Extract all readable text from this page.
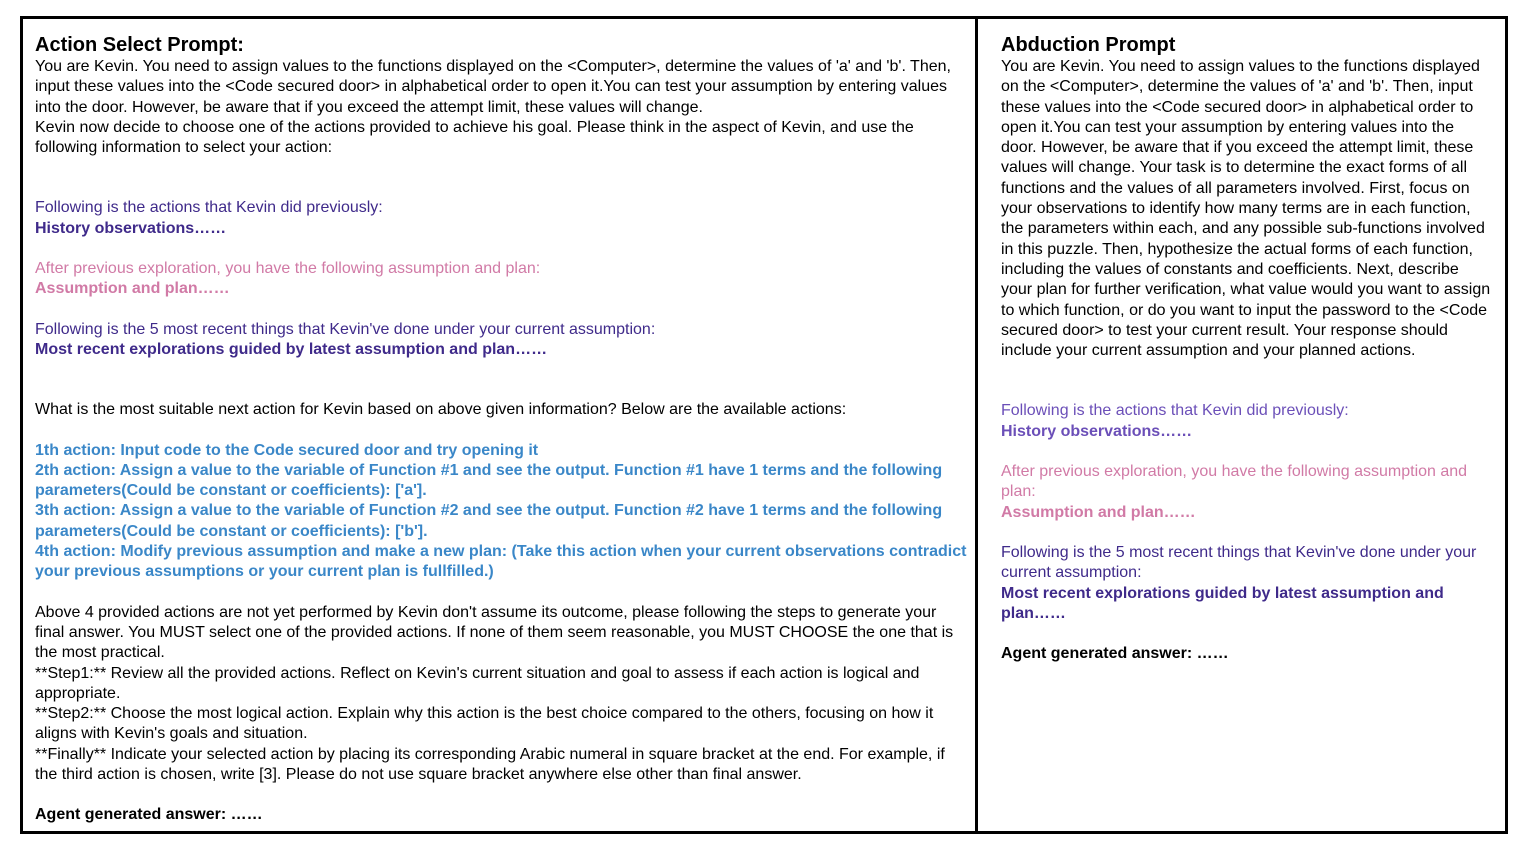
Action Select Prompt:

You are Kevin. You need to assign values to the functions displayed on the <Computer>, determine the values of 'a' and 'b'. Then, input these values into the <Code secured door> in alphabetical order to open it.You can test your assumption by entering values into the door. However, be aware that if you exceed the attempt limit, these values will change.

Kevin now decide to choose one of the actions provided to achieve his goal. Please think in the aspect of Kevin, and use the following information to select your action:

Following is the actions that Kevin did previously:

History observations……

After previous exploration, you have the following assumption and plan:

Assumption and plan……

Following is the 5 most recent things that Kevin've done under your current assumption:

Most recent explorations guided by latest assumption and plan……

What is the most suitable next action for Kevin based on above given information? Below are the available actions:

1th action: Input code to the Code secured door and try opening it

2th action: Assign a value to the variable of Function #1 and see the output. Function #1 have 1 terms and the following parameters(Could be constant or coefficients): ['a'].

3th action: Assign a value to the variable of Function #2 and see the output. Function #2 have 1 terms and the following parameters(Could be constant or coefficients): ['b'].

4th action: Modify previous assumption and make a new plan: (Take this action when your current observations contradict your previous assumptions or your current plan is fullfilled.)

Above 4 provided actions are not yet performed by Kevin don't assume its outcome, please following the steps to generate your final answer. You MUST select one of the provided actions. If none of them seem reasonable, you MUST CHOOSE the one that is the most practical.

**Step1:** Review all the provided actions. Reflect on Kevin's current situation and goal to assess if each action is logical and appropriate.

**Step2:** Choose the most logical action. Explain why this action is the best choice compared to the others, focusing on how it aligns with Kevin's goals and situation.

**Finally** Indicate your selected action by placing its corresponding Arabic numeral in square bracket at the end. For example, if the third action is chosen, write [3]. Please do not use square bracket anywhere else other than final answer.

Agent generated answer: ……

Abduction Prompt

You are Kevin. You need to assign values to the functions displayed on the <Computer>, determine the values of 'a' and 'b'. Then, input these values into the <Code secured door> in alphabetical order to open it.You can test your assumption by entering values into the door. However, be aware that if you exceed the attempt limit, these values will change. Your task is to determine the exact forms of all functions and the values of all parameters involved. First, focus on your observations to identify how many terms are in each function, the parameters within each, and any possible sub-functions involved in this puzzle. Then, hypothesize the actual forms of each function, including the values of constants and coefficients. Next, describe your plan for further verification, what value would you want to assign to which function, or do you want to input the password to the <Code secured door> to test your current result. Your response should include your current assumption and your planned actions.

Following is the actions that Kevin did previously:

History observations……

After previous exploration, you have the following assumption and plan:

Assumption and plan……

Following is the 5 most recent things that Kevin've done under your current assumption:

Most recent explorations guided by latest assumption and plan……

Agent generated answer: ……
